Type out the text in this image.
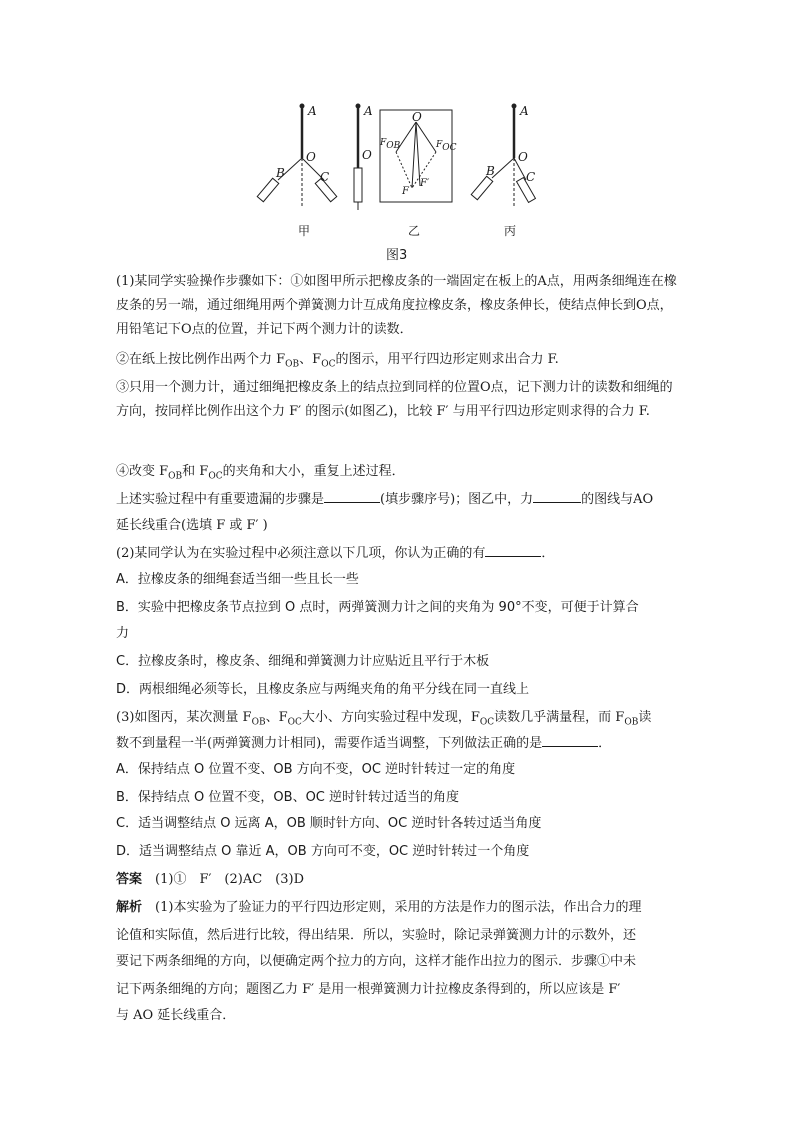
A
O
B	C
A
O
O
$F_{OB}$	$F_{OC}$
F
F′
A
O
B	C
甲	乙	丙
图3
(1)某同学实验操作步骤如下：①如图甲所示把橡皮条的一端固定在板上的A点，用两条细绳连在橡皮条的另一端，通过细绳用两个弹簧测力计互成角度拉橡皮条，橡皮条伸长，使结点伸长到O点，用铅笔记下O点的位置，并记下两个测力计的读数．
②在纸上按比例作出两个力 $F_{OB}$、$F_{OC}$的图示，用平行四边形定则求出合力 F.
③只用一个测力计，通过细绳把橡皮条上的结点拉到同样的位置O点，记下测力计的读数和细绳的方向，按同样比例作出这个力 F′ 的图示(如图乙)，比较 F′ 与用平行四边形定则求得的合力 F.
④改变 $F_{OB}$和 $F_{OC}$的夹角和大小，重复上述过程．
上述实验过程中有重要遗漏的步骤是	(填步骤序号)；图乙中，力	的图线与AO
延长线重合(选填 F 或 F′ )
(2)某同学认为在实验过程中必须注意以下几项，你认为正确的有	．
A．拉橡皮条的细绳套适当细一些且长一些
B．实验中把橡皮条节点拉到 O 点时，两弹簧测力计之间的夹角为 90°不变，可便于计算合
力
C．拉橡皮条时，橡皮条、细绳和弹簧测力计应贴近且平行于木板
D．两根细绳必须等长，且橡皮条应与两绳夹角的角平分线在同一直线上
(3)如图丙，某次测量 $F_{OB}$、$F_{OC}$大小、方向实验过程中发现，$F_{OC}$读数几乎满量程，而 $F_{OB}$读
数不到量程一半(两弹簧测力计相同)，需要作适当调整，下列做法正确的是	．
A．保持结点 O 位置不变、OB 方向不变，OC 逆时针转过一定的角度
B．保持结点 O 位置不变，OB、OC 逆时针转过适当的角度
C．适当调整结点 O 远离 A，OB 顺时针方向、OC 逆时针各转过适当角度
D．适当调整结点 O 靠近 A，OB 方向可不变，OC 逆时针转过一个角度
答案　 (1)①　F′　(2)AC　(3)D
解析　 (1)本实验为了验证力的平行四边形定则，采用的方法是作力的图示法，作出合力的理
论值和实际值，然后进行比较，得出结果．所以，实验时，除记录弹簧测力计的示数外，还
要记下两条细绳的方向，以便确定两个拉力的方向，这样才能作出拉力的图示．步骤①中未
记下两条细绳的方向；题图乙力 F′ 是用一根弹簧测力计拉橡皮条得到的，所以应该是 F′
与 AO 延长线重合．
